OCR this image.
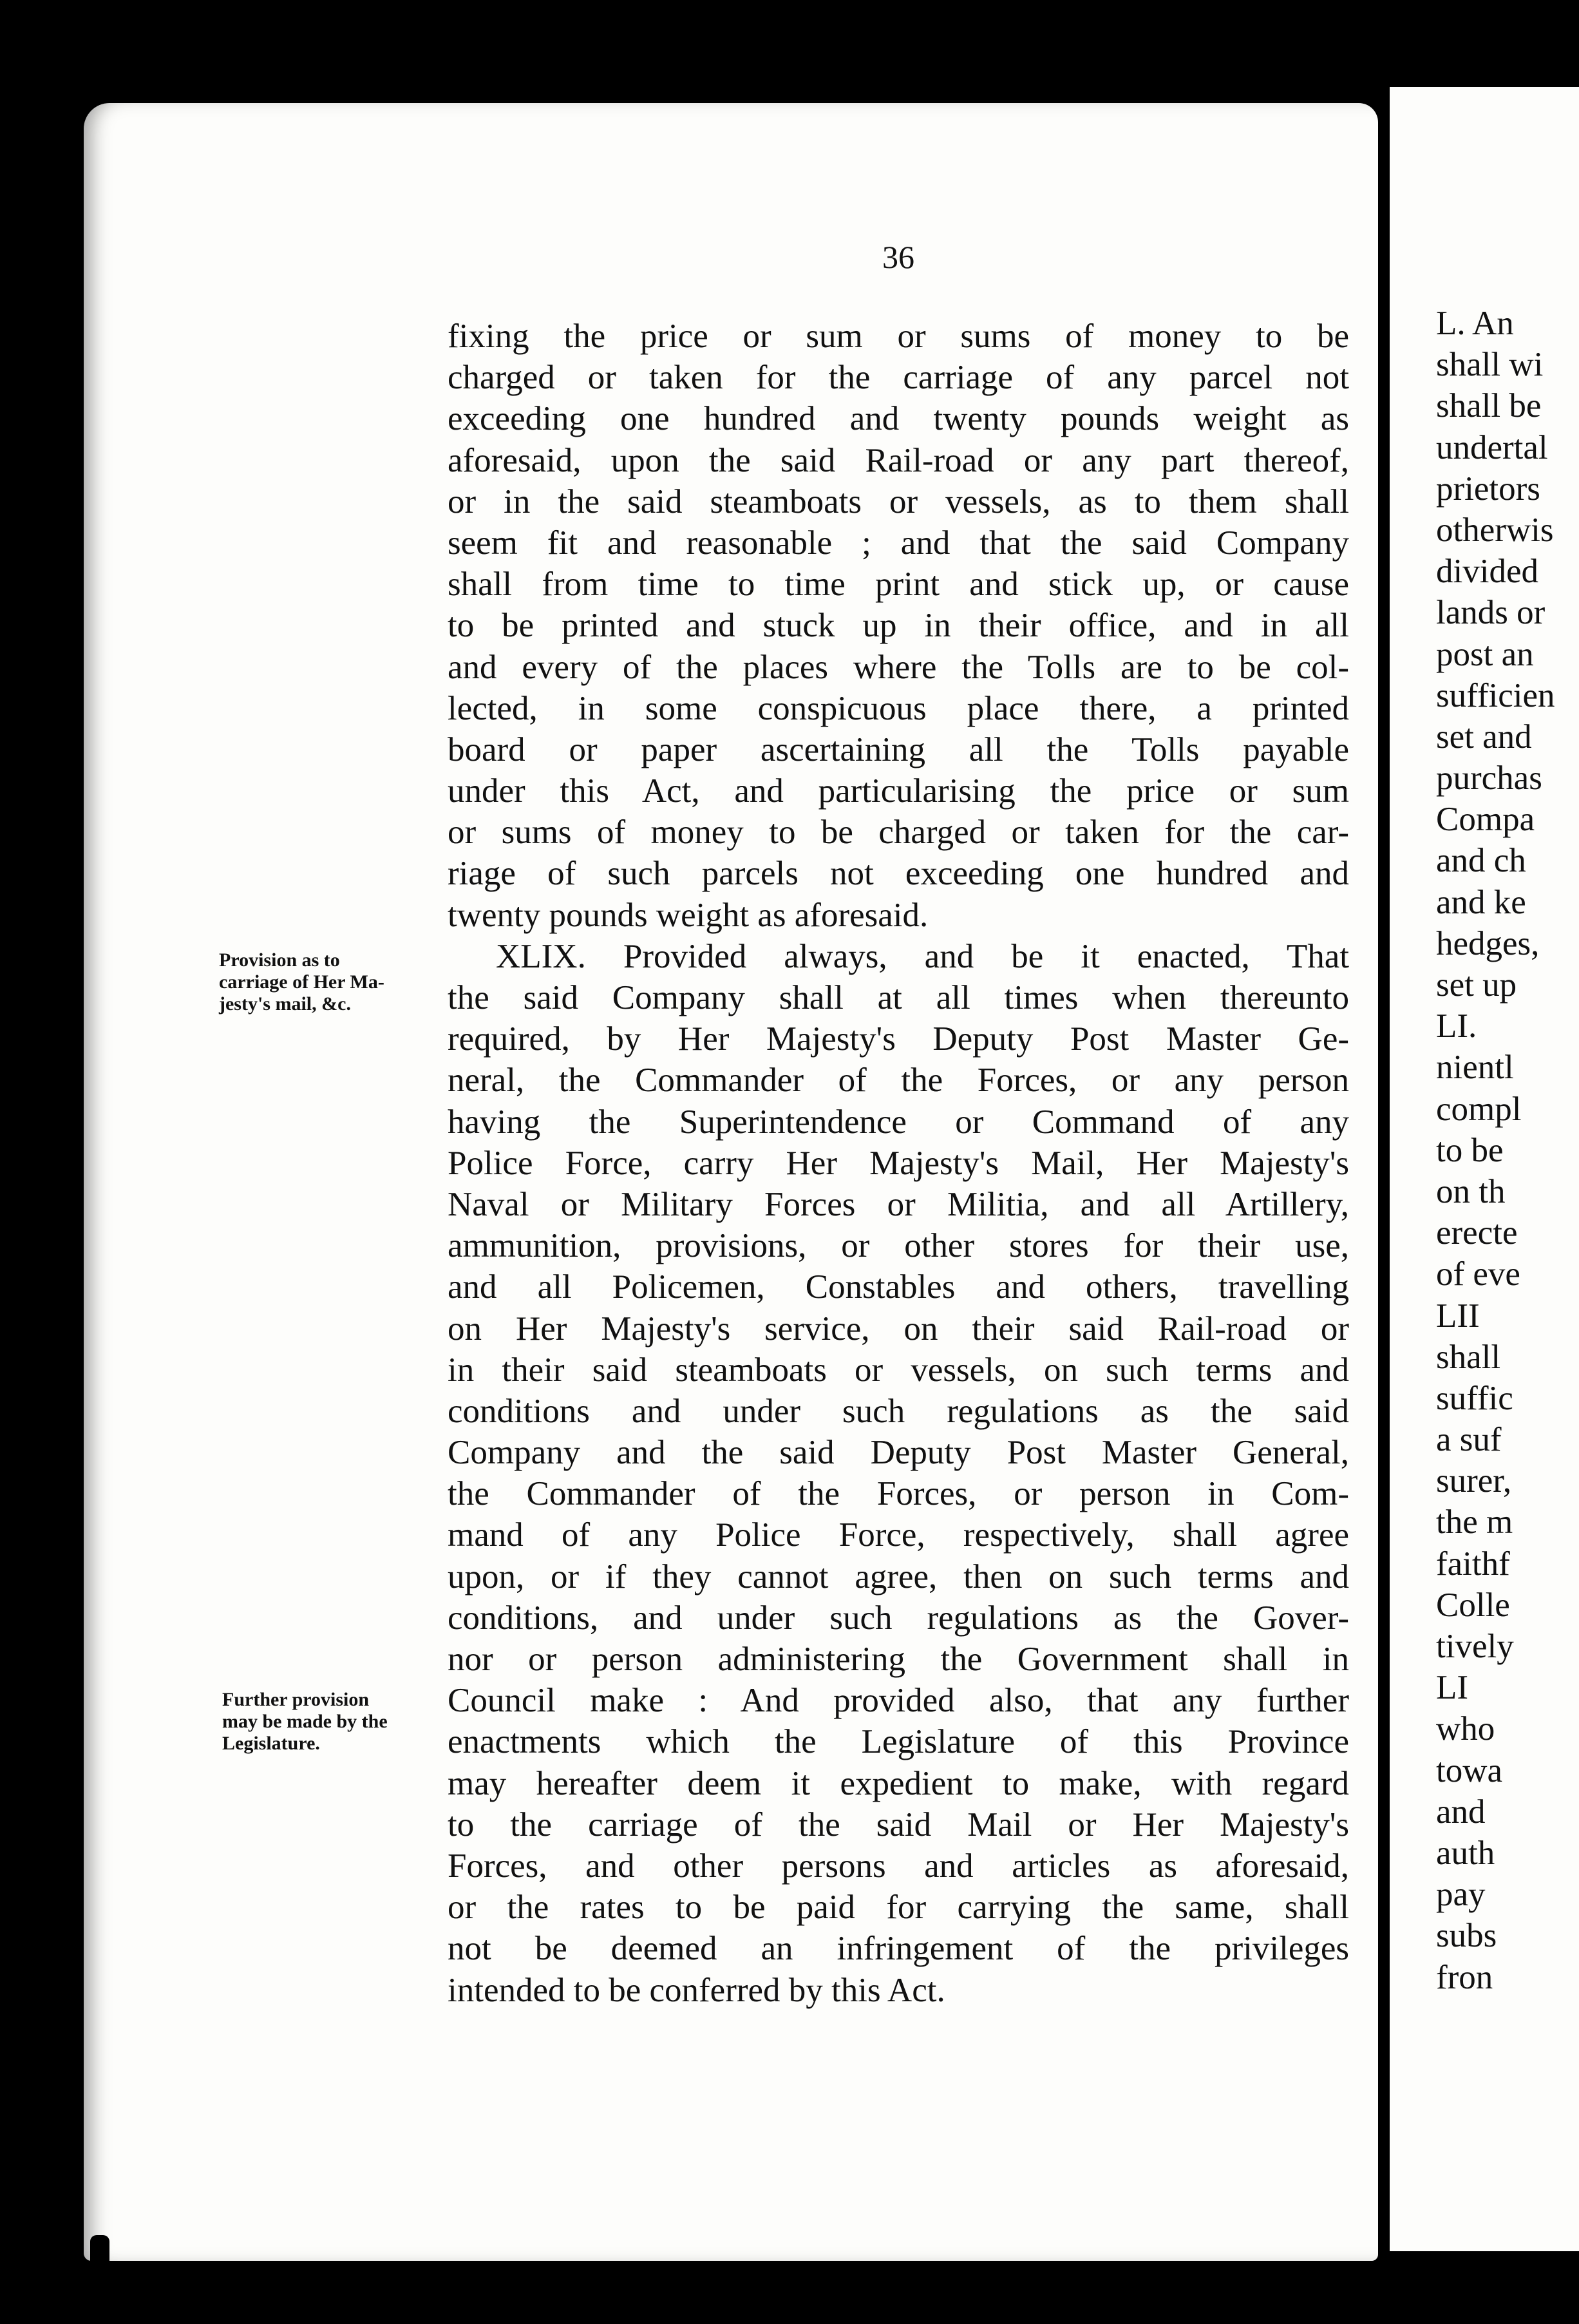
36
Provision as to
carriage of Her Ma-
jesty's mail, &c.
Further provision
may be made by the
Legislature.
fixing the price or sum or sums of money to be
charged or taken for the carriage of any parcel not
exceeding one hundred and twenty pounds weight as
aforesaid, upon the said Rail-road or any part thereof,
or in the said steamboats or vessels, as to them shall
seem fit and reasonable ; and that the said Company
shall from time to time print and stick up, or cause
to be printed and stuck up in their office, and in all
and every of the places where the Tolls are to be col-
lected, in some conspicuous place there, a printed
board or paper ascertaining all the Tolls payable
under this Act, and particularising the price or sum
or sums of money to be charged or taken for the car-
riage of such parcels not exceeding one hundred and
twenty pounds weight as aforesaid.
XLIX. Provided always, and be it enacted, That
the said Company shall at all times when thereunto
required, by Her Majesty's Deputy Post Master Ge-
neral, the Commander of the Forces, or any person
having the Superintendence or Command of any
Police Force, carry Her Majesty's Mail, Her Majesty's
Naval or Military Forces or Militia, and all Artillery,
ammunition, provisions, or other stores for their use,
and all Policemen, Constables and others, travelling
on Her Majesty's service, on their said Rail-road or
in their said steamboats or vessels, on such terms and
conditions and under such regulations as the said
Company and the said Deputy Post Master General,
the Commander of the Forces, or person in Com-
mand of any Police Force, respectively, shall agree
upon, or if they cannot agree, then on such terms and
conditions, and under such regulations as the Gover-
nor or person administering the Government shall in
Council make : And provided also, that any further
enactments which the Legislature of this Province
may hereafter deem it expedient to make, with regard
to the carriage of the said Mail or Her Majesty's
Forces, and other persons and articles as aforesaid,
or the rates to be paid for carrying the same, shall
not be deemed an infringement of the privileges
intended to be conferred by this Act.
L. An
shall wi
shall be
undertal
prietors
otherwis
divided
lands or
post an
sufficien
set and
purchas
Compa
and ch
and ke
hedges,
set up
LI.
nientl
compl
to be
on th
erecte
of eve
LII
shall
suffic
a suf
surer,
the m
faithf
Colle
tively
LI
who
towa
and
auth
pay
subs
fron
